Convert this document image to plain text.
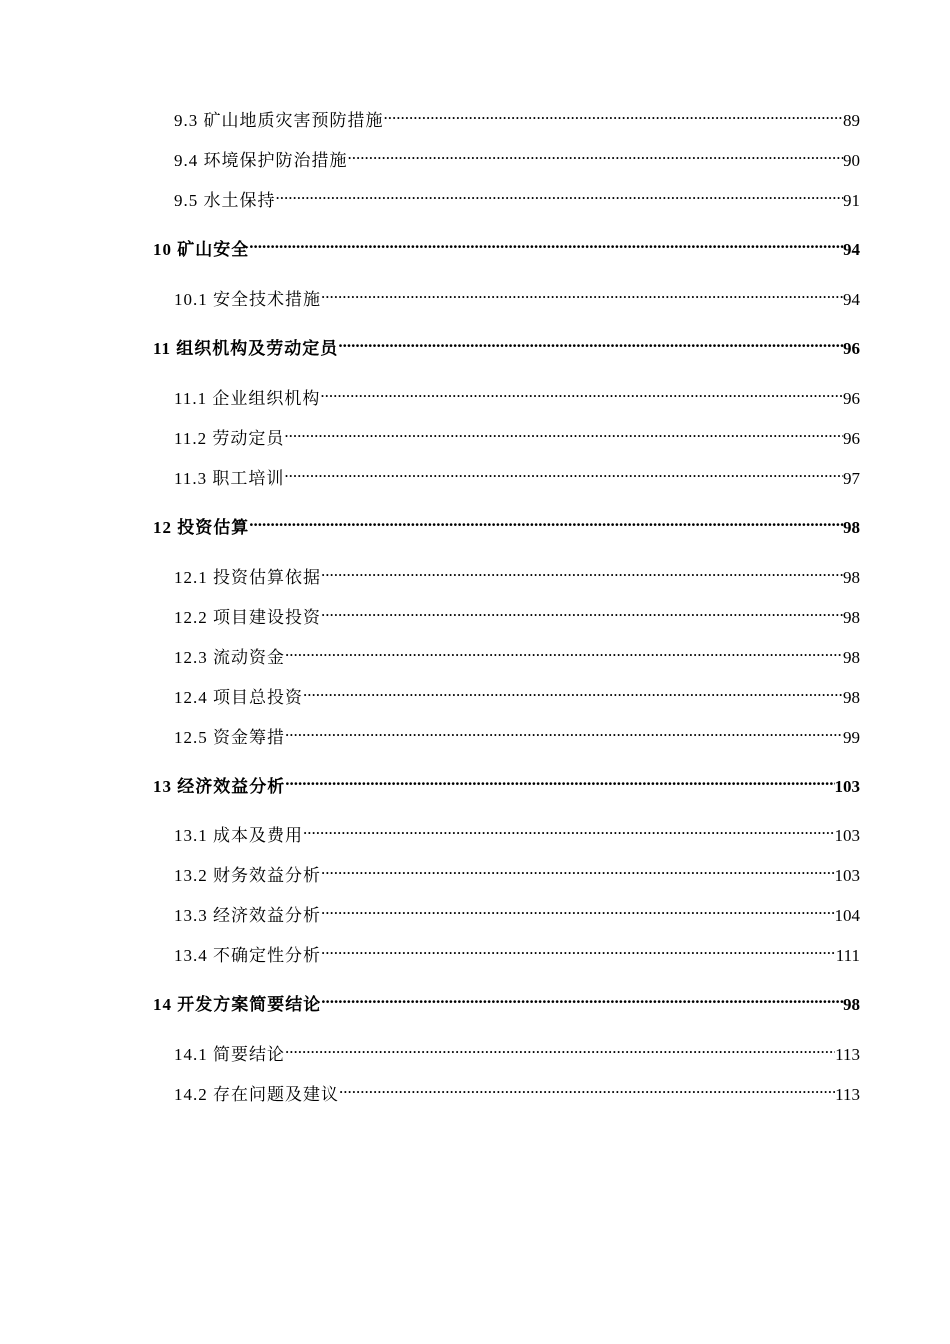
9.3 矿山地质灾害预防措施 .....	89
9.4 环境保护防治措施 .....	90
9.5 水土保持 .....	91
10 矿山安全 .....	94
10.1 安全技术措施 .....	94
11 组织机构及劳动定员 .....	96
11.1 企业组织机构 .....	96
11.2 劳动定员 .....	96
11.3 职工培训 .....	97
12 投资估算 .....	98
12.1 投资估算依据 .....	98
12.2 项目建设投资 .....	98
12.3 流动资金 .....	98
12.4 项目总投资 .....	98
12.5 资金筹措 .....	99
13 经济效益分析 .....	103
13.1 成本及费用 .....	103
13.2 财务效益分析 .....	103
13.3 经济效益分析 .....	104
13.4 不确定性分析 .....	111
14 开发方案简要结论 .....	98
14.1 简要结论 .....	113
14.2 存在问题及建议 .....	113
